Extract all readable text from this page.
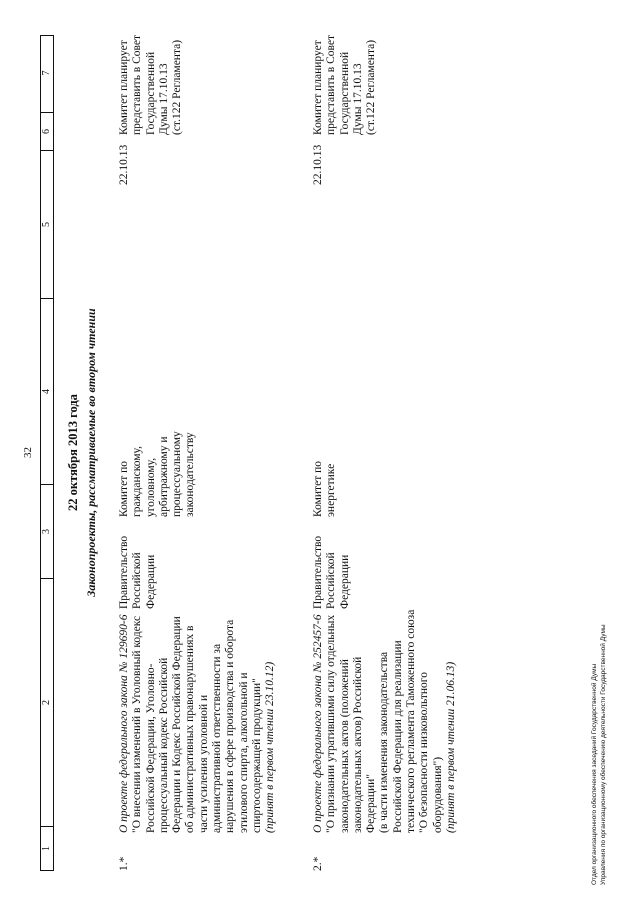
32
1
2
3
4
5
6
7
22 октября 2013 года Законопроекты, рассматриваемые во втором чтении
1.*
О проекте федерального закона № 129690-6 "О внесении изменений в Уголовный кодекс Российской Федерации, Уголовно- процессуальный кодекс Российской Федерации и Кодекс Российской Федерации об административных правонарушениях в части усиления уголовной и административной ответственности за нарушения в сфере производства и оборота этилового спирта, алкогольной и спиртосодержащей продукции" (принят в первом чтении 23.10.12)
Правительство Российской Федерации
Комитет по гражданскому, уголовному, арбитражному и процессуальному законодательству
22.10.13
Комитет планирует представить в Совет Государственной Думы 17.10.13 (ст.122 Регламента)
2.*
О проекте федерального закона № 252457-6 "О признании утратившими силу отдельных законодательных актов (положений законодательных актов) Российской Федерации" (в части изменения законодательства Российской Федерации для реализации технического регламента Таможенного союза "О безопасности низковольтного оборудования") (принят в первом чтении 21.06.13)
Правительство Российской Федерации
Комитет по энергетике
22.10.13
Комитет планирует представить в Совет Государственной Думы 17.10.13 (ст.122 Регламента)
Отдел организационного обеспечения заседаний Государственной Думы Управления по организационному обеспечению деятельности Государственной Думы
